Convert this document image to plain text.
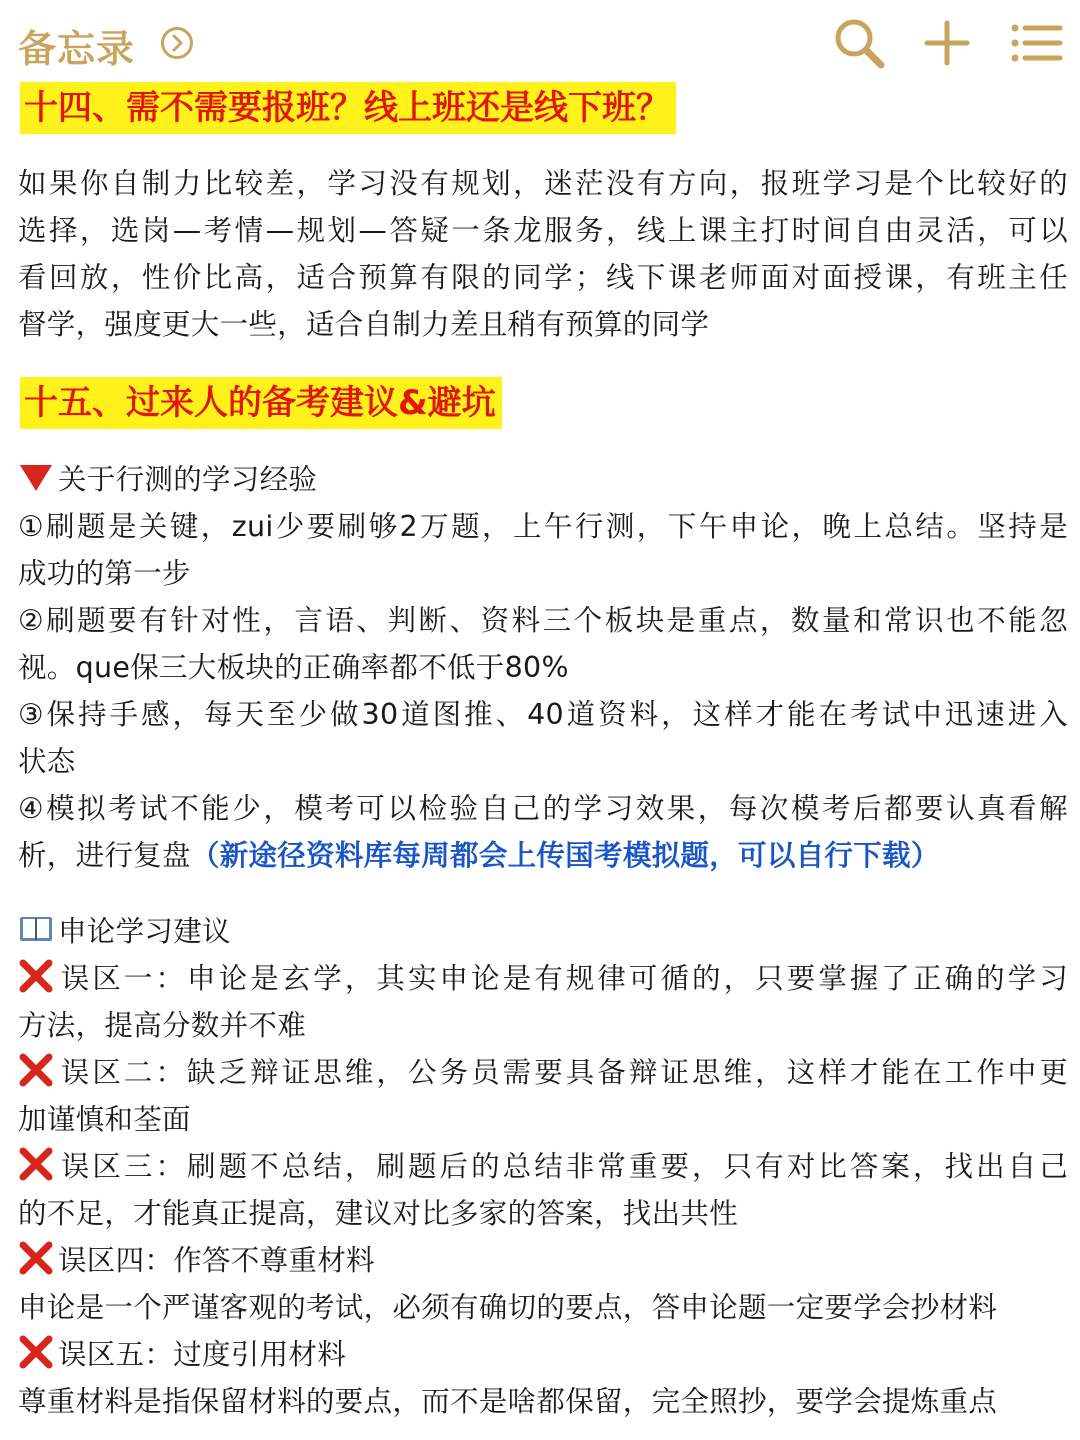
备忘录
十四、需不需要报班？线上班还是线下班？
如果你自制力比较差，学习没有规划，迷茫没有方向，报班学习是个比较好的
选择，选岗—考情—规划—答疑一条龙服务，线上课主打时间自由灵活，可以
看回放，性价比高，适合预算有限的同学；线下课老师面对面授课，有班主任
督学，强度更大一些，适合自制力差且稍有预算的同学
十五、过来人的备考建议&避坑
关于行测的学习经验
①刷题是关键，zui少要刷够2万题，上午行测，下午申论，晚上总结。坚持是
成功的第一步
②刷题要有针对性，言语、判断、资料三个板块是重点，数量和常识也不能忽
视。que保三大板块的正确率都不低于80%
③保持手感，每天至少做30道图推、40道资料，这样才能在考试中迅速进入
状态
④模拟考试不能少，模考可以检验自己的学习效果，每次模考后都要认真看解
析，进行复盘（新途径资料库每周都会上传国考模拟题，可以自行下载）
申论学习建议
误区一：申论是玄学，其实申论是有规律可循的，只要掌握了正确的学习
方法，提高分数并不难
误区二：缺乏辩证思维，公务员需要具备辩证思维，这样才能在工作中更
加谨慎和荃面
误区三：刷题不总结，刷题后的总结非常重要，只有对比答案，找出自己
的不足，才能真正提高，建议对比多家的答案，找出共性
误区四：作答不尊重材料
申论是一个严谨客观的考试，必须有确切的要点，答申论题一定要学会抄材料
误区五：过度引用材料
尊重材料是指保留材料的要点，而不是啥都保留，完全照抄，要学会提炼重点
